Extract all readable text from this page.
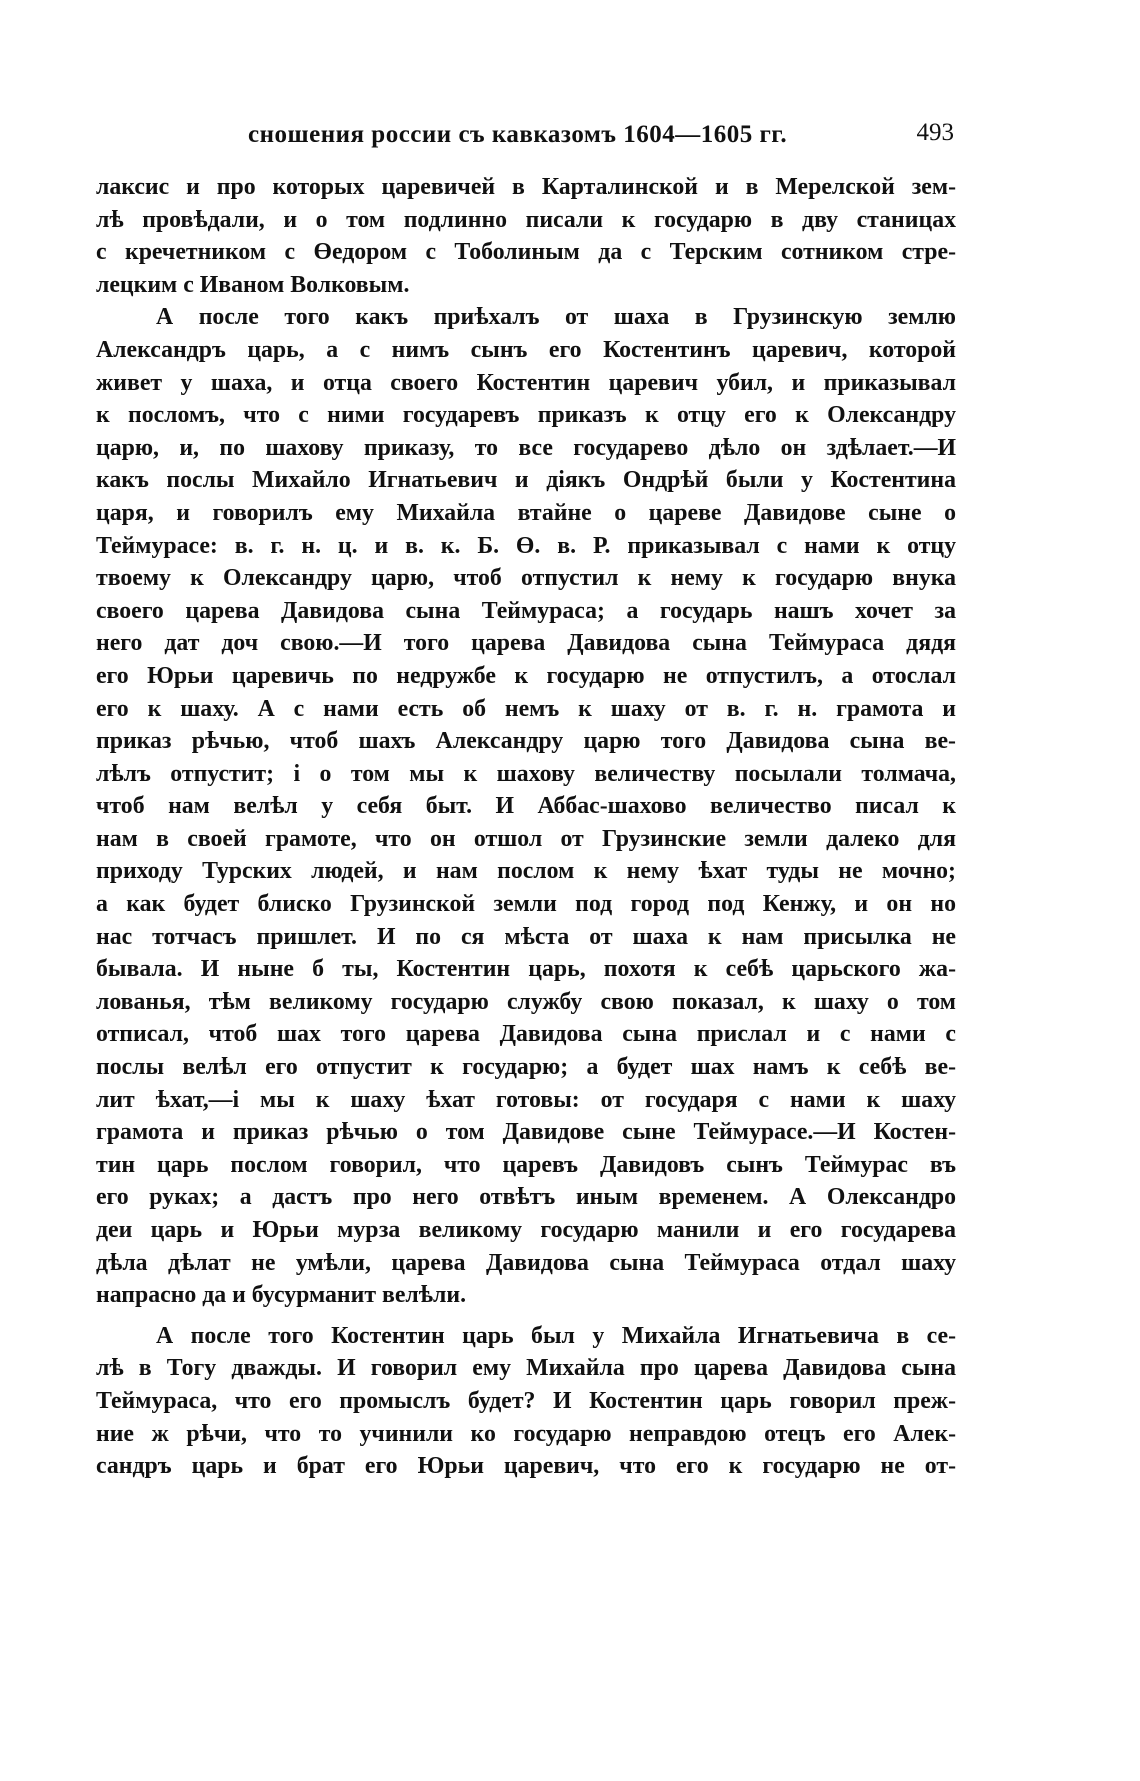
сношения россии съ кавказомъ 1604—1605 гг.	493
лаксис и про которых царевичей в Карталинской и в Мерелской зем-
лѣ провѣдали, и о том подлинно писали к государю в дву станицах
с кречетником с Өедором с Тоболиным да с Терским сотником стре-
лецким с Иваном Волковым.
А после того какъ приѣхалъ от шаха в Грузинскую землю
Александръ царь, а с нимъ сынъ его Костентинъ царевич, которой
живет у шаха, и отца своего Костентин царевич убил, и приказывал
к посломъ, что с ними государевъ приказъ к отцу его к Олександру
царю, и, по шахову приказу, то все государево дѣло он здѣлает.—И
какъ послы Михайло Игнатьевич и діякъ Ондрѣй были у Костентина
царя, и говорилъ ему Михайла втайне о царевe Давидове сыне о
Теймурасе: в. г. н. ц. и в. к. Б. Ө. в. Р. приказывал с нами к отцу
твоему к Олександру царю, чтоб отпустил к нему к государю внука
своего царева Давидова сына Теймураса; а государь нашъ хочет за
него дат доч свою.—И того царева Давидова сына Теймураса дядя
его Юрьи царевичь по недружбе к государю не отпустилъ, а отослал
его к шаху. А с нами есть об немъ к шаху от в. г. н. грамота и
приказ рѣчью, чтоб шахъ Александру царю того Давидова сына ве-
лѣлъ отпустит; і о том мы к шахову величеству посылали толмача,
чтоб нам велѣл у себя быт. И Аббас-шахово величество писал к
нам в своей грамоте, что он отшол от Грузинские земли далеко для
приходу Турских людей, и нам послом к нему ѣхат туды не мочно;
а как будет блиско Грузинской земли под город под Кенжу, и он но
нас тотчасъ пришлет. И по ся мѣста от шаха к нам присылка не
бывала. И ныне б ты, Костентин царь, похотя к себѣ царьского жа-
лованья, тѣм великому государю службу свою показал, к шаху о том
отписал, чтоб шах того царева Давидова сына прислал и с нами с
послы велѣл его отпустит к государю; а будет шах намъ к себѣ ве-
лит ѣхат,—і мы к шаху ѣхат готовы: от государя с нами к шаху
грамота и приказ рѣчью о том Давидове сыне Теймурасе.—И Костен-
тин царь послом говорил, что царевъ Давидовъ сынъ Теймурас въ
его руках; а дастъ про него отвѣтъ иным временем. А Олександро
деи царь и Юрьи мурза великому государю манили и его государева
дѣла дѣлат не умѣли, царева Давидова сына Теймураса отдал шаху
напрасно да и бусурманит велѣли.
А после того Костентин царь был у Михайла Игнатьевича в се-
лѣ в Тогу дважды. И говорил ему Михайла про царева Давидова сына
Теймураса, что его промыслъ будет? И Костентин царь говорил преж-
ние ж рѣчи, что то учинили ко государю неправдою отецъ его Алек-
сандръ царь и брат его Юрьи царевич, что его к государю не от-
